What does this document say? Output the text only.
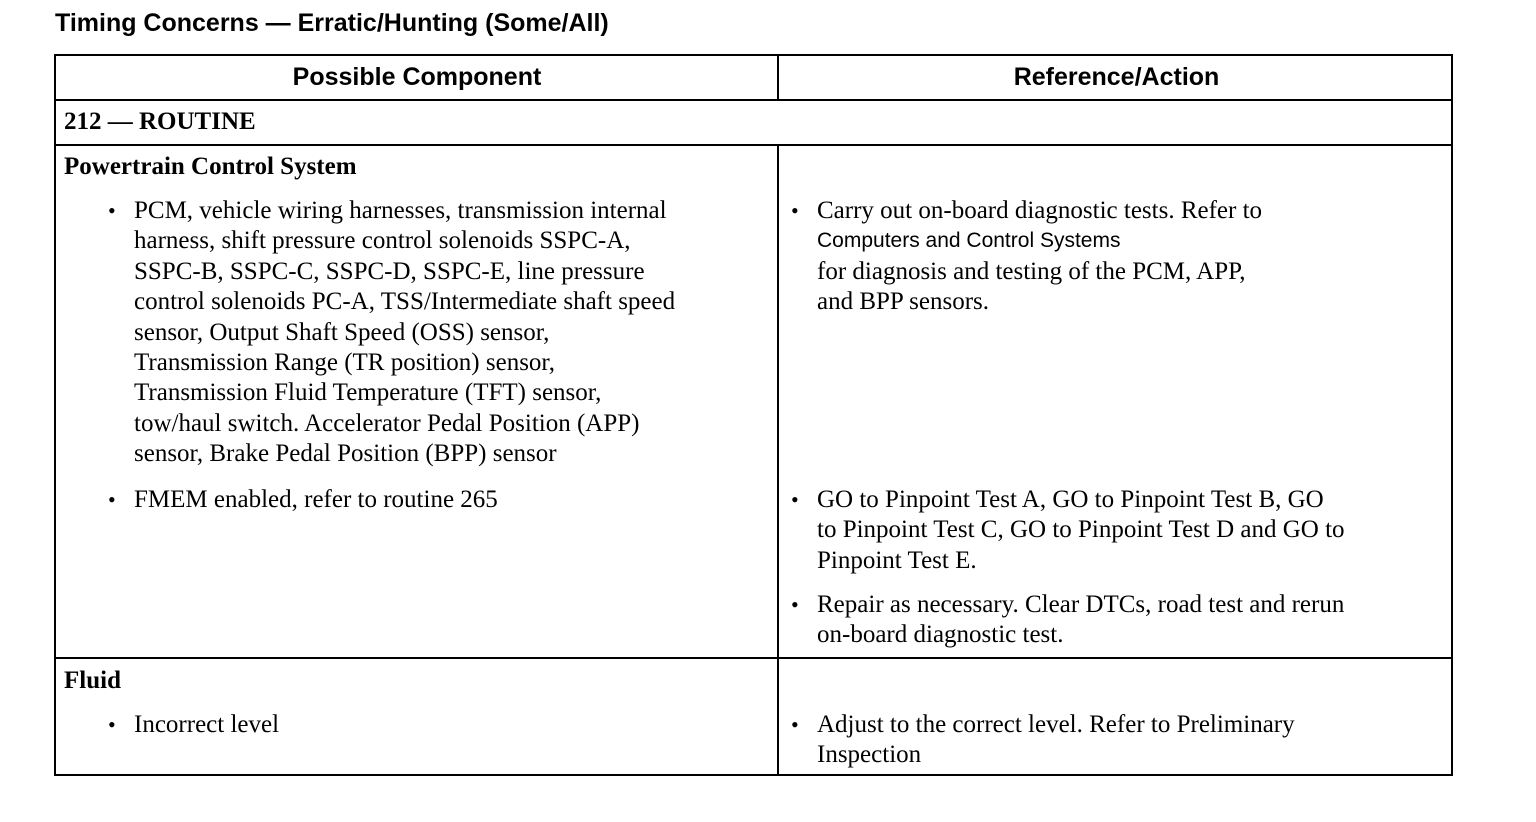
Timing Concerns — Erratic/Hunting (Some/All)
Possible Component	Reference/Action
212 — ROUTINE
Powertrain Control System
• PCM, vehicle wiring harnesses, transmission internal
harness, shift pressure control solenoids SSPC-A,
SSPC-B, SSPC-C, SSPC-D, SSPC-E, line pressure
control solenoids PC-A, TSS/Intermediate shaft speed
sensor, Output Shaft Speed (OSS) sensor,
Transmission Range (TR position) sensor,
Transmission Fluid Temperature (TFT) sensor,
tow/haul switch. Accelerator Pedal Position (APP)
sensor, Brake Pedal Position (BPP) sensor
• FMEM enabled, refer to routine 265
• Carry out on-board diagnostic tests. Refer to
Computers and Control Systems
for diagnosis and testing of the PCM, APP,
and BPP sensors.
• GO to Pinpoint Test A, GO to Pinpoint Test B, GO
to Pinpoint Test C, GO to Pinpoint Test D and GO to
Pinpoint Test E.
• Repair as necessary. Clear DTCs, road test and rerun
on-board diagnostic test.
Fluid
• Incorrect level	• Adjust to the correct level. Refer to Preliminary
Inspection
